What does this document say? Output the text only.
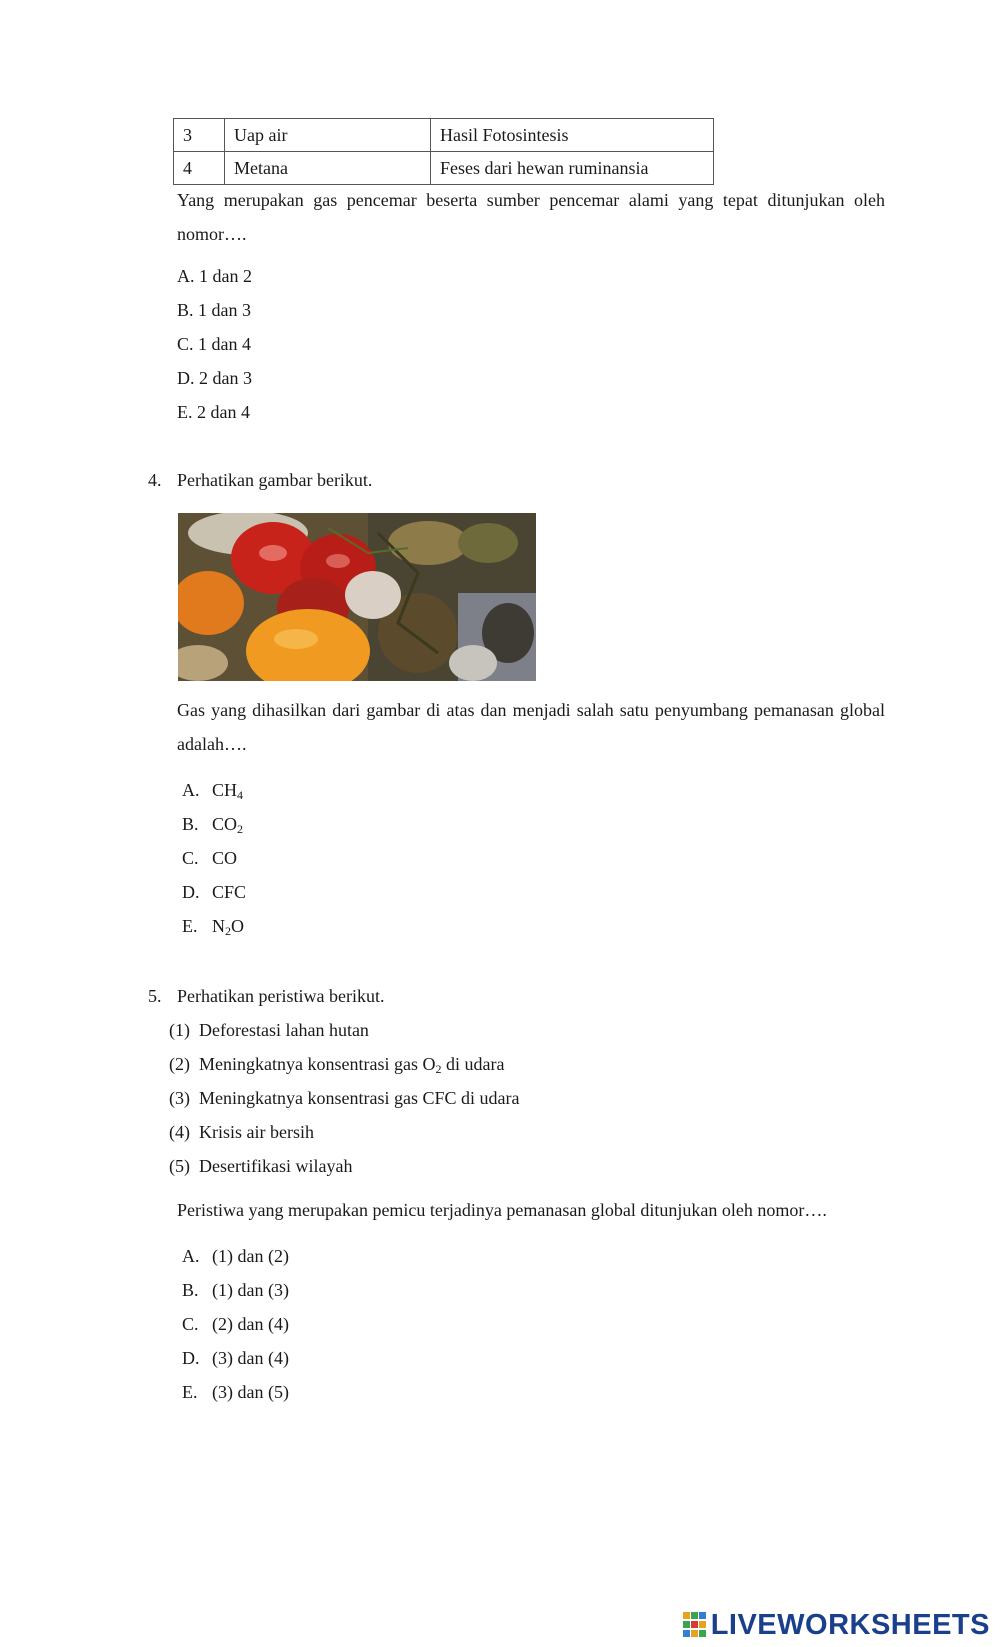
3	Uap air	Hasil Fotosintesis
4	Metana	Feses dari hewan ruminansia

Yang merupakan gas pencemar beserta sumber pencemar alami yang tepat ditunjukan oleh nomor….

A. 1 dan 2

B. 1 dan 3

C. 1 dan 4

D. 2 dan 3

E. 2 dan 4

4. Perhatikan gambar berikut.

Gas yang dihasilkan dari gambar di atas dan menjadi salah satu penyumbang pemanasan global adalah….

A. $CH_4$

B. $CO_2$

C. CO

D. CFC

E. $N_2O$

5. Perhatikan peristiwa berikut.

(1) Deforestasi lahan hutan

(2) Meningkatnya konsentrasi gas $O_2$ di udara

(3) Meningkatnya konsentrasi gas CFC di udara

(4) Krisis air bersih

(5) Desertifikasi wilayah

Peristiwa yang merupakan pemicu terjadinya pemanasan global ditunjukan oleh nomor….

A. (1) dan (2)

B. (1) dan (3)

C. (2) dan (4)

D. (3) dan (4)

E. (3) dan (5)

LIVEWORKSHEETS
